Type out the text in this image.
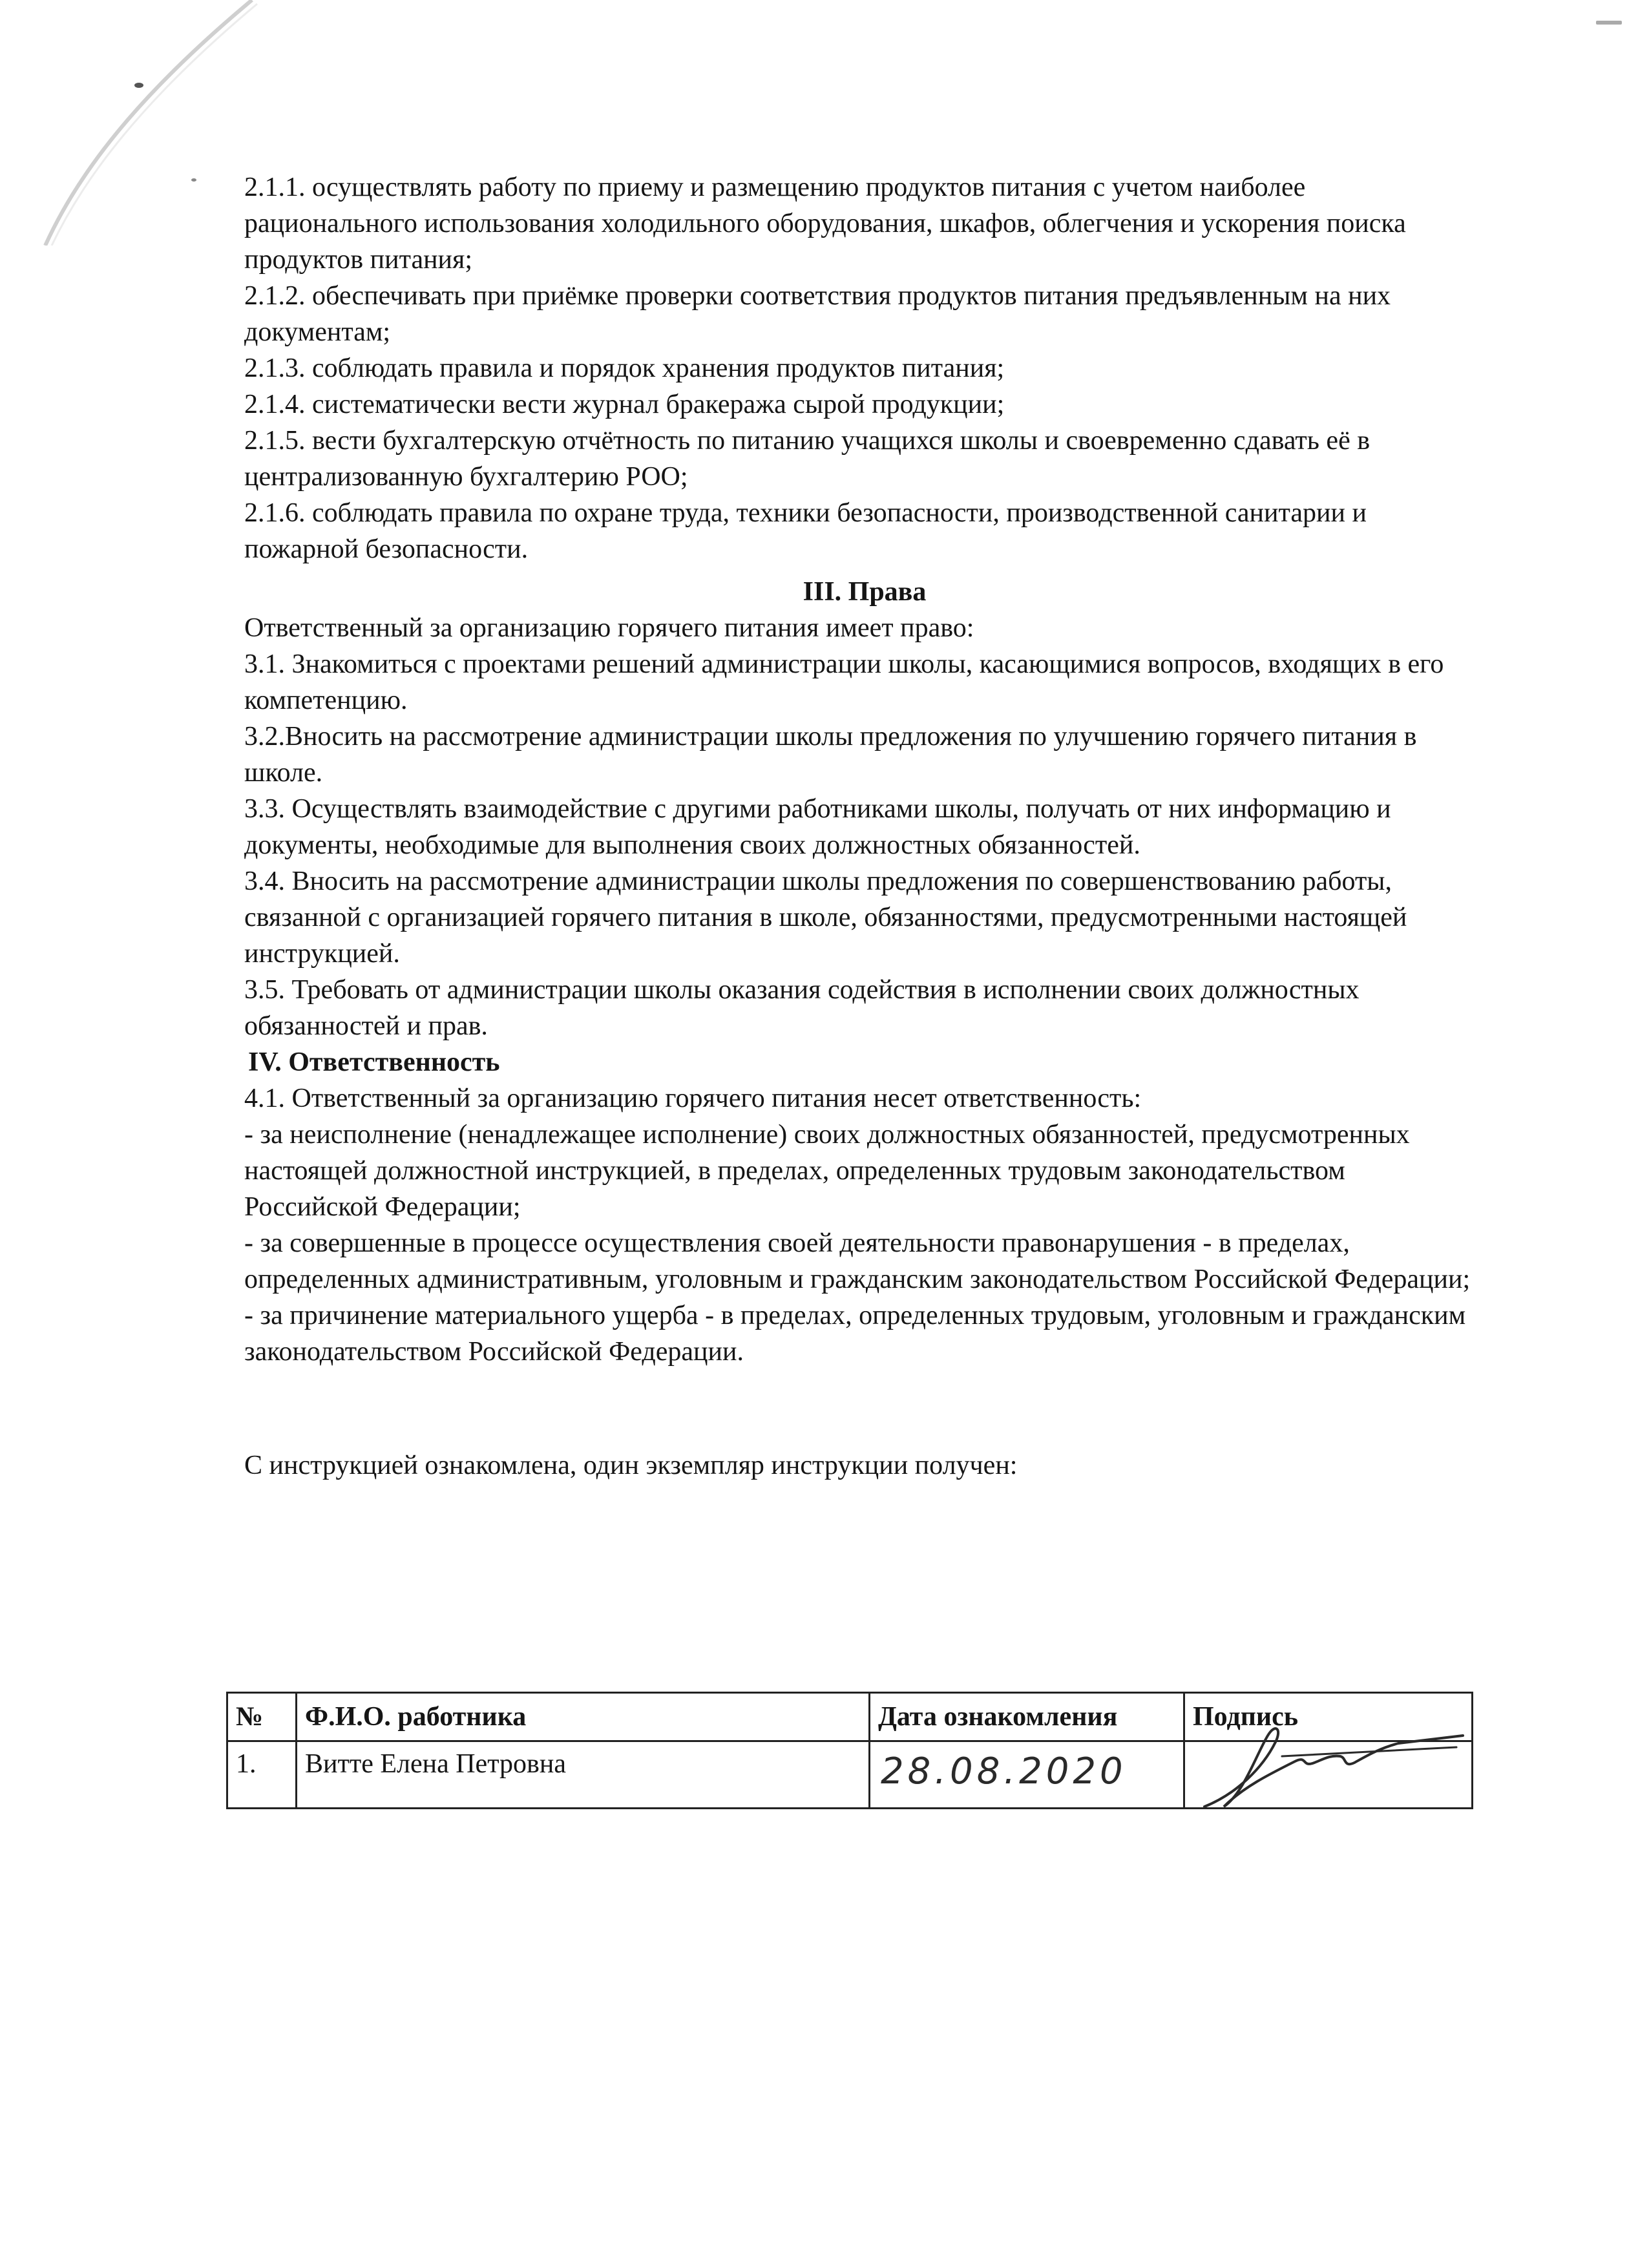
2.1.1. осуществлять работу по приему и размещению продуктов питания с учетом наиболее рационального использования холодильного оборудования, шкафов, облегчения и ускорения поиска продуктов питания;

2.1.2. обеспечивать при приёмке проверки соответствия продуктов питания предъявленным на них документам;

2.1.3. соблюдать правила и порядок хранения продуктов питания;

2.1.4. систематически вести журнал бракеража сырой продукции;

2.1.5. вести бухгалтерскую отчётность по питанию учащихся школы и своевременно сдавать её в централизованную бухгалтерию РОО;

2.1.6. соблюдать правила по охране труда, техники безопасности, производственной санитарии и пожарной безопасности.

III. Права

Ответственный за организацию горячего питания имеет право:

3.1. Знакомиться с проектами решений администрации школы, касающимися вопросов, входящих в его компетенцию.

3.2.Вносить на рассмотрение администрации школы предложения по улучшению горячего питания в школе.

3.3. Осуществлять взаимодействие с другими работниками школы, получать от них информацию и документы, необходимые для выполнения своих должностных обязанностей.

3.4. Вносить на рассмотрение администрации школы предложения по совершенствованию работы, связанной с организацией горячего питания в школе, обязанностями, предусмотренными настоящей инструкцией.

3.5. Требовать от администрации школы оказания содействия в исполнении своих должностных обязанностей и прав.

IV. Ответственность

4.1. Ответственный за организацию горячего питания несет ответственность:

- за неисполнение (ненадлежащее исполнение) своих должностных обязанностей, предусмотренных настоящей должностной инструкцией, в пределах, определенных трудовым законодательством Российской Федерации;

- за совершенные в процессе осуществления своей деятельности правонарушения - в пределах, определенных административным, уголовным и гражданским законодательством Российской Федерации; - за причинение материального ущерба - в пределах, определенных трудовым, уголовным и гражданским законодательством Российской Федерации.

С инструкцией ознакомлена, один экземпляр инструкции получен:

№	Ф.И.О. работника	Дата ознакомления	Подпись
1.	Витте Елена Петровна	28.08.2020
